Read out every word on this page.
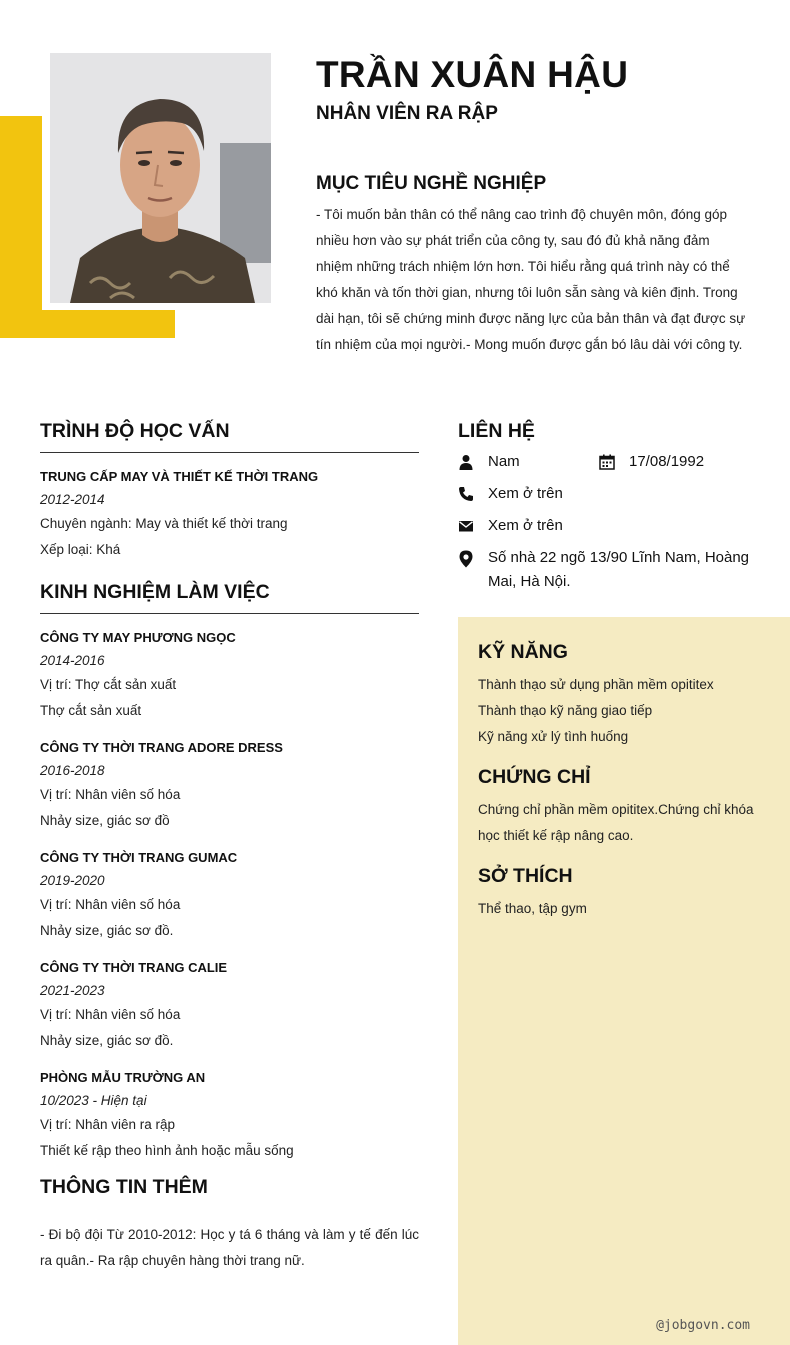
TRẦN XUÂN HẬU
NHÂN VIÊN RA RẬP
MỤC TIÊU NGHỀ NGHIỆP
- Tôi muốn bản thân có thể nâng cao trình độ chuyên môn, đóng góp nhiều hơn vào sự phát triển của công ty, sau đó đủ khả năng đảm nhiệm những trách nhiệm lớn hơn. Tôi hiểu rằng quá trình này có thể khó khăn và tốn thời gian, nhưng tôi luôn sẵn sàng và kiên định. Trong dài hạn, tôi sẽ chứng minh được năng lực của bản thân và đạt được sự tín nhiệm của mọi người.- Mong muốn được gắn bó lâu dài với công ty.
TRÌNH ĐỘ HỌC VẤN
TRUNG CẤP MAY VÀ THIẾT KẾ THỜI TRANG
2012-2014
Chuyên ngành: May và thiết kế thời trang
Xếp loại: Khá
KINH NGHIỆM LÀM VIỆC
CÔNG TY MAY PHƯƠNG NGỌC
2014-2016
Vị trí: Thợ cắt sản xuất
Thợ cắt sản xuất
CÔNG TY THỜI TRANG ADORE DRESS
2016-2018
Vị trí: Nhân viên số hóa
Nhảy size, giác sơ đồ
CÔNG TY THỜI TRANG GUMAC
2019-2020
Vị trí: Nhân viên số hóa
Nhảy size, giác sơ đồ.
CÔNG TY THỜI TRANG CALIE
2021-2023
Vị trí: Nhân viên số hóa
Nhảy size, giác sơ đồ.
PHÒNG MẪU TRƯỜNG AN
10/2023 - Hiện tại
Vị trí: Nhân viên ra rập
Thiết kế rập theo hình ảnh hoặc mẫu sống
THÔNG TIN THÊM
- Đi bộ đội Từ 2010-2012: Học y tá 6 tháng và làm y tế đến lúc ra quân.- Ra rập chuyên hàng thời trang nữ.
LIÊN HỆ
Nam	17/08/1992
Xem ở trên
Xem ở trên
Số nhà 22 ngõ 13/90 Lĩnh Nam, Hoàng Mai, Hà Nội.
KỸ NĂNG
Thành thạo sử dụng phần mềm opititex
Thành thạo kỹ năng giao tiếp
Kỹ năng xử lý tình huống
CHỨNG CHỈ
Chứng chỉ phần mềm opititex.Chứng chỉ khóa học thiết kế rập nâng cao.
SỞ THÍCH
Thể thao, tập gym
@jobgovn.com
